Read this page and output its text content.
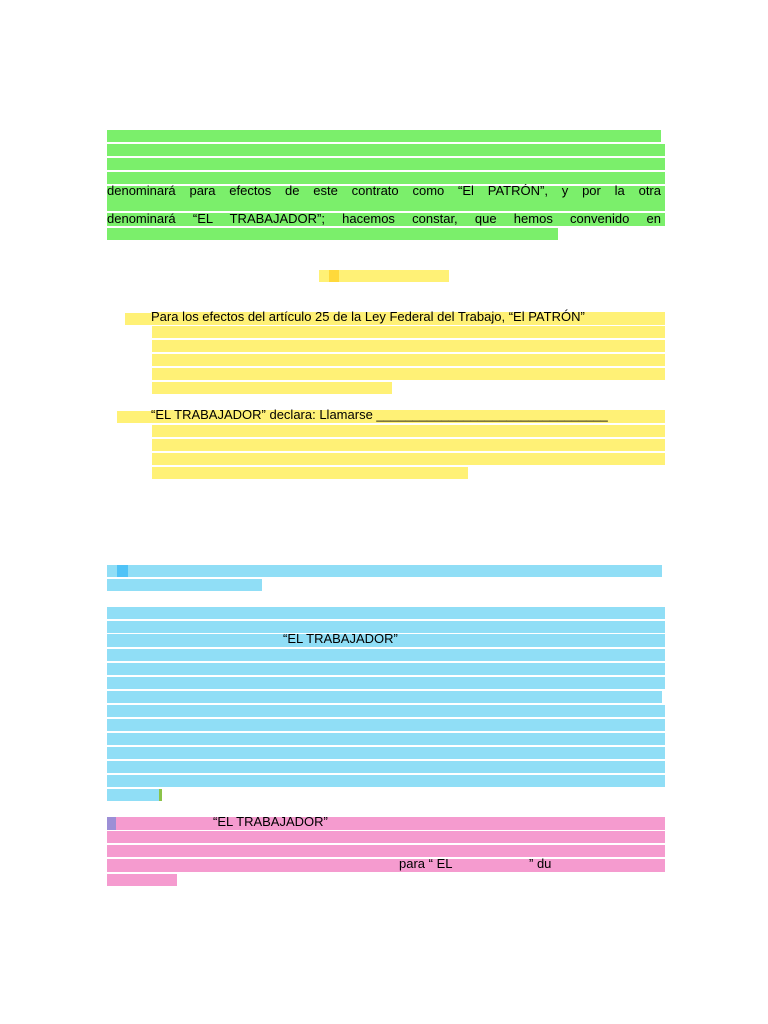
denominará para efectos de este contrato como “El PATRÓN”, y por la otra
denominará “EL TRABAJADOR”; hacemos constar, que hemos convenido en
Para los efectos del artículo 25 de la Ley Federal del Trabajo, “El PATRÓN”
“EL TRABAJADOR” declara: Llamarse ________________________________
“EL TRABAJADOR”
“EL TRABAJADOR”
para “ EL	” du
